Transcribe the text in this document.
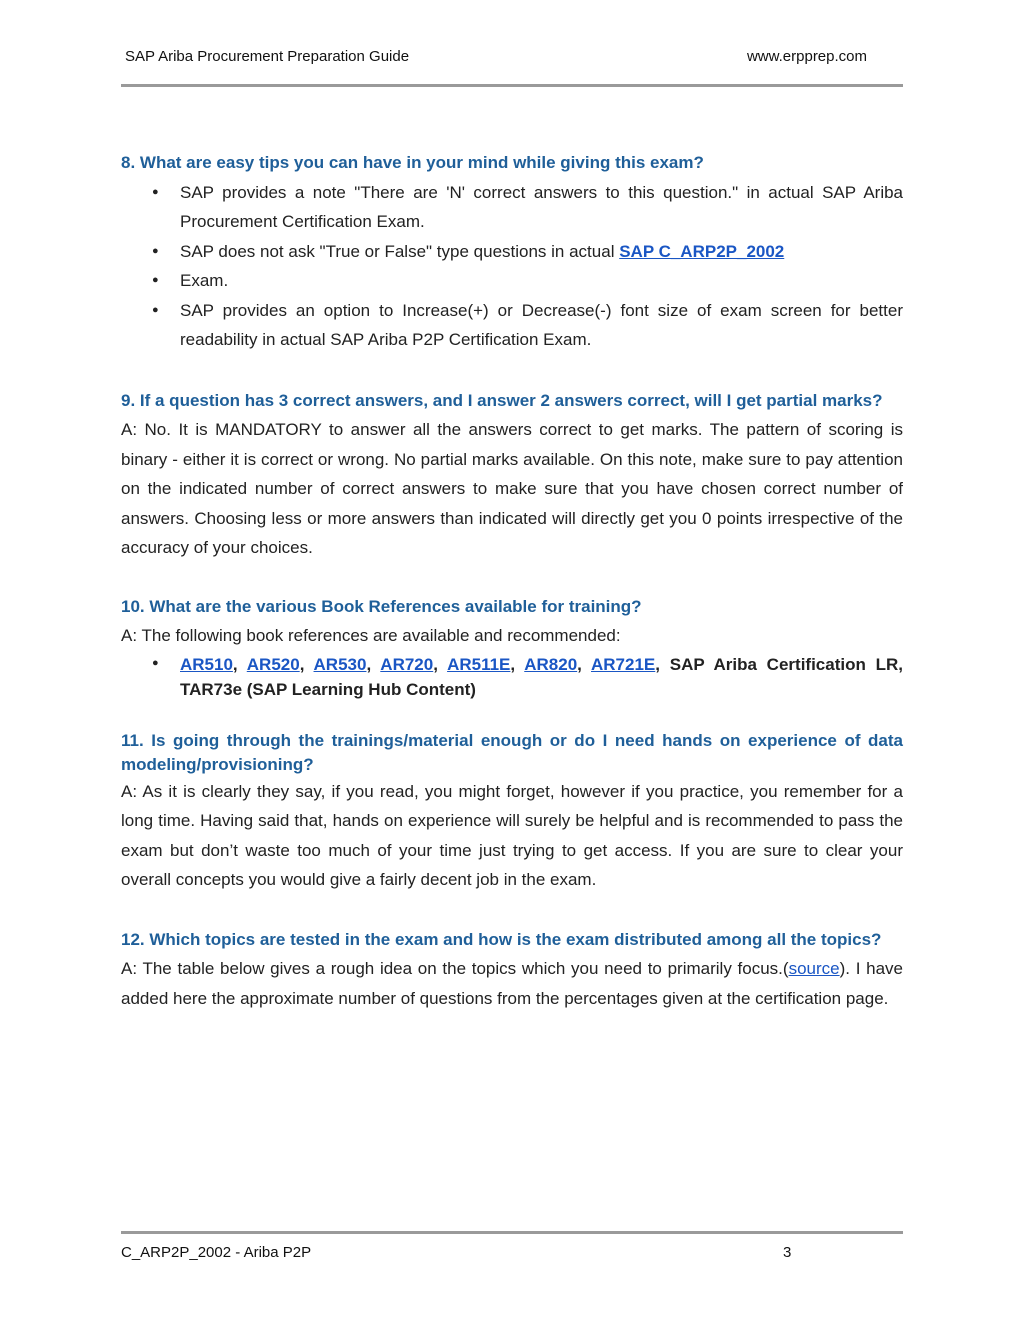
SAP Ariba Procurement Preparation Guide	www.erpprep.com

8. What are easy tips you can have in your mind while giving this exam?

● SAP provides a note "There are 'N' correct answers to this question." in actual SAP Ariba Procurement Certification Exam.
● SAP does not ask "True or False" type questions in actual SAP C_ARP2P_2002
● Exam.
● SAP provides an option to Increase(+) or Decrease(-) font size of exam screen for better readability in actual SAP Ariba P2P Certification Exam.

9. If a question has 3 correct answers, and I answer 2 answers correct, will I get partial marks?

A: No. It is MANDATORY to answer all the answers correct to get marks. The pattern of scoring is binary - either it is correct or wrong. No partial marks available. On this note, make sure to pay attention on the indicated number of correct answers to make sure that you have chosen correct number of answers. Choosing less or more answers than indicated will directly get you 0 points irrespective of the accuracy of your choices.

10. What are the various Book References available for training?

A: The following book references are available and recommended:

● AR510, AR520, AR530, AR720, AR511E, AR820, AR721E, SAP Ariba Certification LR, TAR73e (SAP Learning Hub Content)

11. Is going through the trainings/material enough or do I need hands on experience of data modeling/provisioning?

A: As it is clearly they say, if you read, you might forget, however if you practice, you remember for a long time. Having said that, hands on experience will surely be helpful and is recommended to pass the exam but don’t waste too much of your time just trying to get access. If you are sure to clear your overall concepts you would give a fairly decent job in the exam.

12. Which topics are tested in the exam and how is the exam distributed among all the topics?

A: The table below gives a rough idea on the topics which you need to primarily focus.(source). I have added here the approximate number of questions from the percentages given at the certification page.

C_ARP2P_2002 - Ariba P2P	3
